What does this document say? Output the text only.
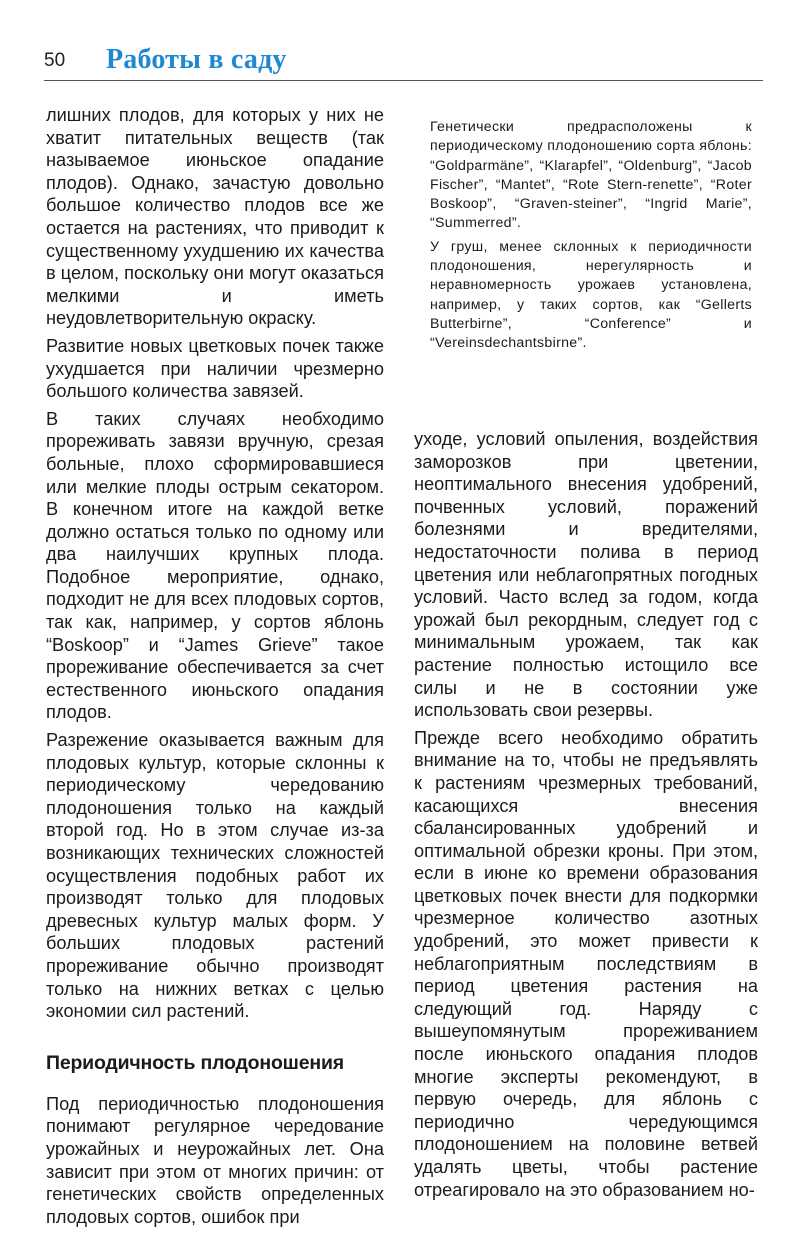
50 Работы в саду

лишних плодов, для которых у них не хватит питательных веществ (так называемое июньское опадание плодов). Однако, зачастую довольно большое количество плодов все же остается на растениях, что приводит к существенному ухудшению их качества в целом, поскольку они могут оказаться мелкими и иметь неудовлетворительную окраску.

Развитие новых цветковых почек также ухудшается при наличии чрезмерно большого количества завязей.

В таких случаях необходимо прореживать завязи вручную, срезая больные, плохо сформировавшиеся или мелкие плоды острым секатором. В конечном итоге на каждой ветке должно остаться только по одному или два наилучших крупных плода. Подобное мероприятие, однако, подходит не для всех плодовых сортов, так как, например, у сортов яблонь “Boskoop” и “James Grieve” такое прореживание обеспечивается за счет естественного июньского опадания плодов.

Разрежение оказывается важным для плодовых культур, которые склонны к периодическому чередованию плодоношения только на каждый второй год. Но в этом случае из-за возникающих технических сложностей осуществления подобных работ их производят только для плодовых древесных культур малых форм. У больших плодовых растений прореживание обычно производят только на нижних ветках с целью экономии сил растений.

Периодичность плодоношения

Под периодичностью плодоношения понимают регулярное чередование урожайных и неурожайных лет. Она зависит при этом от многих причин: от генетических свойств определенных плодовых сортов, ошибок при

Генетически предрасположены к периодическому плодоношению сорта яблонь: “Goldparmäne”, “Klarapfel”, “Oldenburg”, “Jacob Fischer”, “Mantet”, “Rote Stern-renette”, “Roter Boskoop”, “Graven-steiner”, “Ingrid Marie”, “Summerred”.

У груш, менее склонных к периодичности плодоношения, нерегулярность и неравномерность урожаев установлена, например, у таких сортов, как “Gellerts Butterbirne”, “Conference” и “Vereinsdechantsbirne”.

уходе, условий опыления, воздействия заморозков при цветении, неоптимального внесения удобрений, почвенных условий, поражений болезнями и вредителями, недостаточности полива в период цветения или неблагопрятных погодных условий. Часто вслед за годом, когда урожай был рекордным, следует год с минимальным урожаем, так как растение полностью истощило все силы и не в состоянии уже использовать свои резервы.

Прежде всего необходимо обратить внимание на то, чтобы не предъявлять к растениям чрезмерных требований, касающихся внесения сбалансированных удобрений и оптимальной обрезки кроны. При этом, если в июне ко времени образования цветковых почек внести для подкормки чрезмерное количество азотных удобрений, это может привести к неблагоприятным последствиям в период цветения растения на следующий год. Наряду с вышеупомянутым прореживанием после июньского опадания плодов многие эксперты рекомендуют, в первую очередь, для яблонь с периодично чередующимся плодоношением на половине ветвей удалять цветы, чтобы растение отреагировало на это образованием но-
